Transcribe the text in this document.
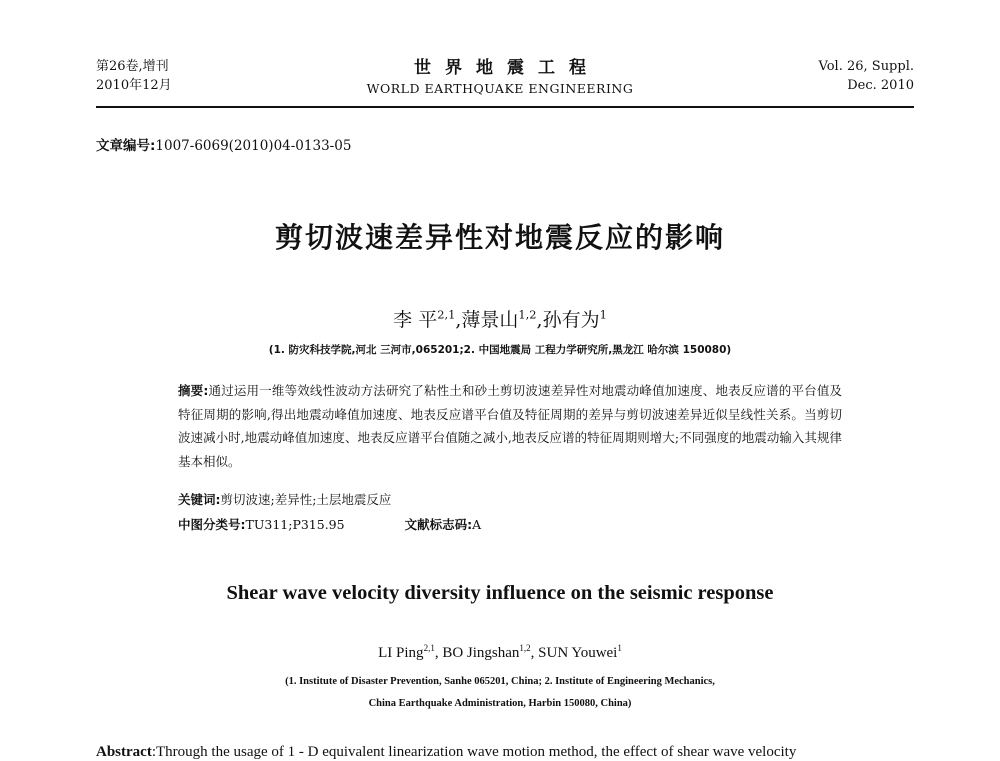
第26卷,增刊
2010年12月
世界地震工程
WORLD EARTHQUAKE ENGINEERING
Vol. 26, Suppl.
Dec. 2010
文章编号:1007-6069(2010)04-0133-05
剪切波速差异性对地震反应的影响
李 平$^{2,1}$,薄景山$^{1,2}$,孙有为$^1$
(1. 防灾科技学院,河北 三河市,065201;2. 中国地震局 工程力学研究所,黑龙江 哈尔滨 150080)
摘要:通过运用一维等效线性波动方法研究了粘性土和砂土剪切波速差异性对地震动峰值加速度、地表反应谱的平台值及特征周期的影响,得出地震动峰值加速度、地表反应谱平台值及特征周期的差异与剪切波速差异近似呈线性关系。当剪切波速减小时,地震动峰值加速度、地表反应谱平台值随之减小,地表反应谱的特征周期则增大;不同强度的地震动输入其规律基本相似。
关键词:剪切波速;差异性;土层地震反应
中图分类号:TU311;P315.95	文献标志码:A
Shear wave velocity diversity influence on the seismic response
LI Ping$^{2,1}$, BO Jingshan$^{1,2}$, SUN Youwei$^1$
(1. Institute of Disaster Prevention, Sanhe 065201, China; 2. Institute of Engineering Mechanics,
China Earthquake Administration, Harbin 150080, China)
Abstract:Through the usage of 1 - D equivalent linearization wave motion method, the effect of shear wave velocity
